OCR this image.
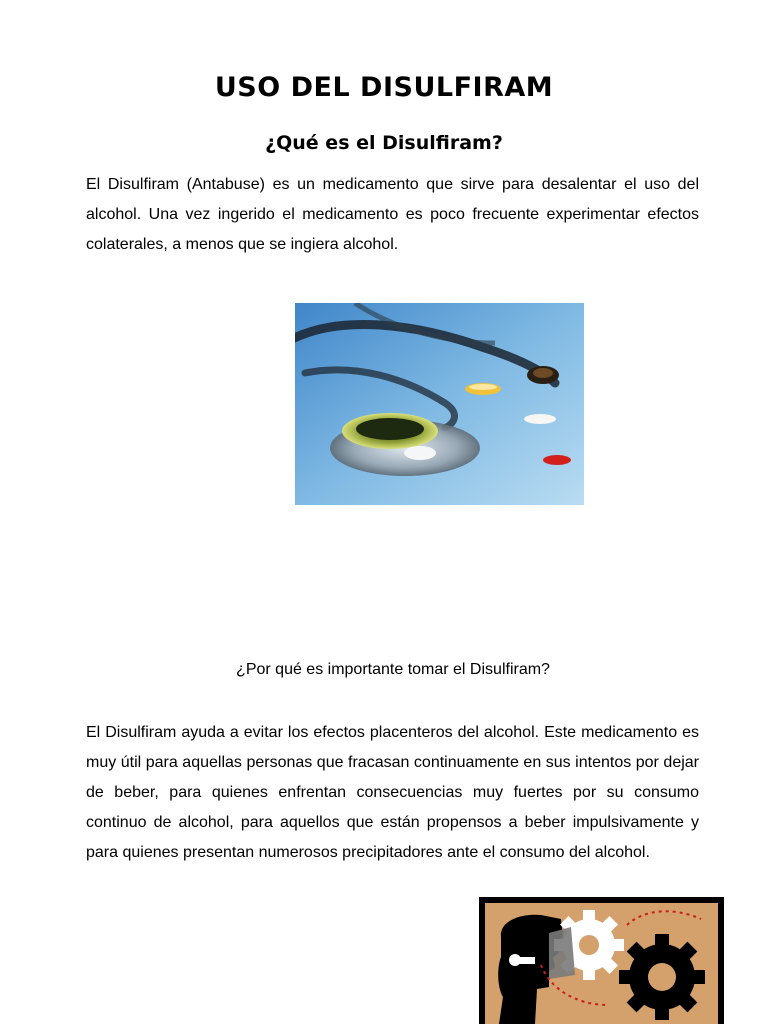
USO DEL DISULFIRAM
¿Qué es el Disulfiram?

El Disulfiram (Antabuse) es un medicamento que sirve para desalentar el uso del alcohol. Una vez ingerido el medicamento es poco frecuente experimentar efectos colaterales, a menos que se ingiera alcohol.

¿Por qué es importante tomar el Disulfiram?

El Disulfiram ayuda a evitar los efectos placenteros del alcohol. Este medicamento es muy útil para aquellas personas que fracasan continuamente en sus intentos por dejar de beber, para quienes enfrentan consecuencias muy fuertes por su consumo continuo de alcohol, para aquellos que están propensos a beber impulsivamente y para quienes presentan numerosos precipitadores ante el consumo del alcohol.
